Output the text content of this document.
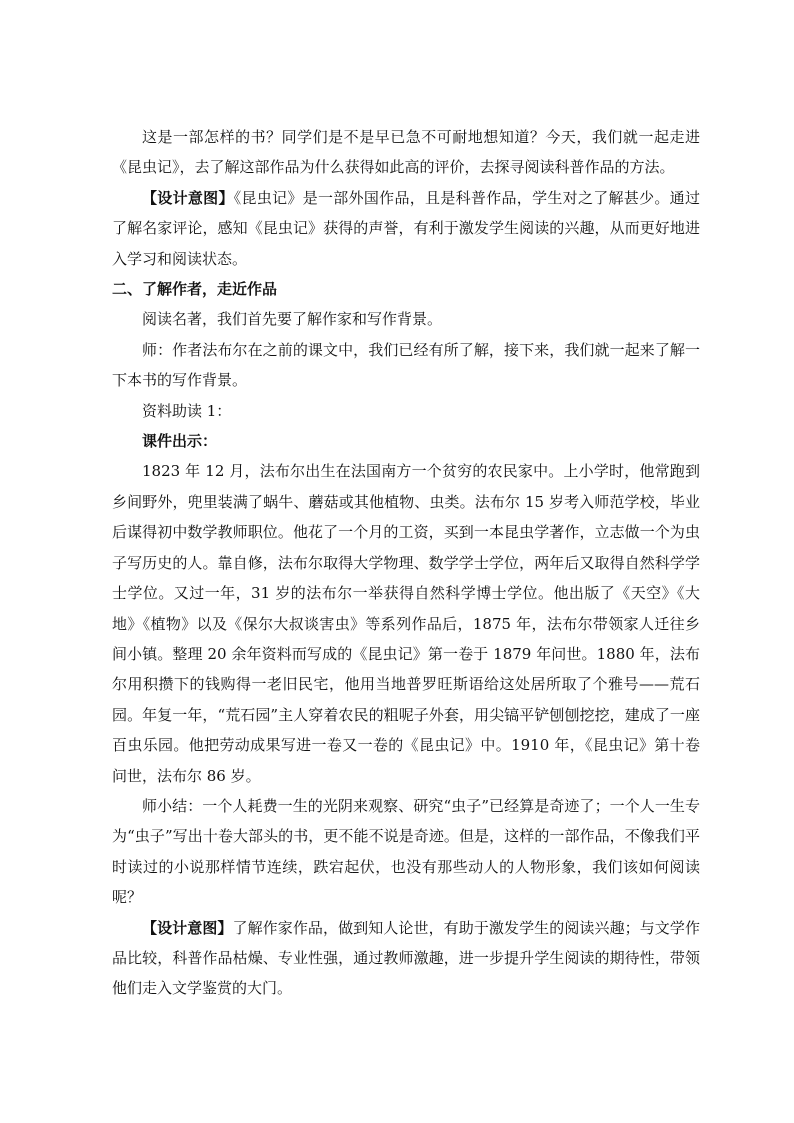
这是一部怎样的书？同学们是不是早已急不可耐地想知道？今天，我们就一起走进《昆虫记》，去了解这部作品为什么获得如此高的评价，去探寻阅读科普作品的方法。

【设计意图】《昆虫记》是一部外国作品，且是科普作品，学生对之了解甚少。通过了解名家评论，感知《昆虫记》获得的声誉，有利于激发学生阅读的兴趣，从而更好地进入学习和阅读状态。

二、了解作者，走近作品

阅读名著，我们首先要了解作家和写作背景。

师：作者法布尔在之前的课文中，我们已经有所了解，接下来，我们就一起来了解一下本书的写作背景。

资料助读 1：

课件出示：

1823 年 12 月，法布尔出生在法国南方一个贫穷的农民家中。上小学时，他常跑到乡间野外，兜里装满了蜗牛、蘑菇或其他植物、虫类。法布尔 15 岁考入师范学校，毕业后谋得初中数学教师职位。他花了一个月的工资，买到一本昆虫学著作，立志做一个为虫子写历史的人。靠自修，法布尔取得大学物理、数学学士学位，两年后又取得自然科学学士学位。又过一年，31 岁的法布尔一举获得自然科学博士学位。他出版了《天空》《大地》《植物》以及《保尔大叔谈害虫》等系列作品后，1875 年，法布尔带领家人迁往乡间小镇。整理 20 余年资料而写成的《昆虫记》第一卷于 1879 年问世。1880 年，法布尔用积攒下的钱购得一老旧民宅，他用当地普罗旺斯语给这处居所取了个雅号——荒石园。年复一年，“荒石园”主人穿着农民的粗呢子外套，用尖镐平铲刨刨挖挖，建成了一座百虫乐园。他把劳动成果写进一卷又一卷的《昆虫记》中。1910 年，《昆虫记》第十卷问世，法布尔 86 岁。

师小结：一个人耗费一生的光阴来观察、研究“虫子”已经算是奇迹了；一个人一生专为“虫子”写出十卷大部头的书，更不能不说是奇迹。但是，这样的一部作品，不像我们平时读过的小说那样情节连续，跌宕起伏，也没有那些动人的人物形象，我们该如何阅读呢？

【设计意图】了解作家作品，做到知人论世，有助于激发学生的阅读兴趣；与文学作品比较，科普作品枯燥、专业性强，通过教师激趣，进一步提升学生阅读的期待性，带领他们走入文学鉴赏的大门。
